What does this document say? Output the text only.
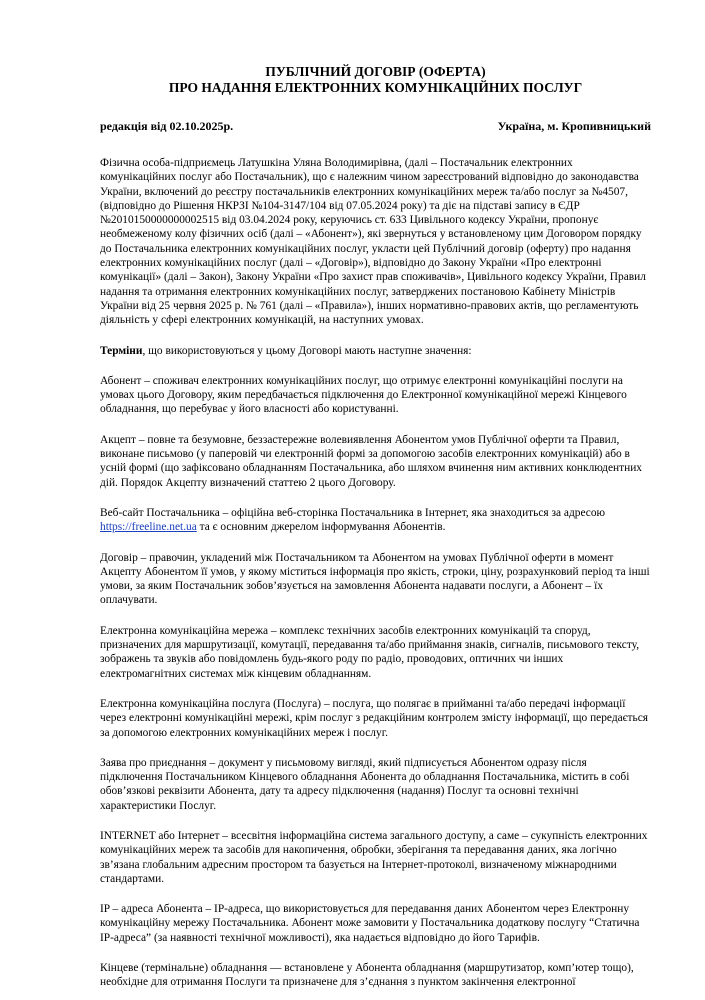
ПУБЛІЧНИЙ ДОГОВІР (ОФЕРТА)

ПРО НАДАННЯ ЕЛЕКТРОННИХ КОМУНІКАЦІЙНИХ ПОСЛУГ

редакція від 02.10.2025р.	Україна, м. Кропивницький

Фізична особа-підприємець Латушкіна Уляна Володимирівна, (далі – Постачальник електронних комунікаційних послуг або Постачальник), що є належним чином зареєстрований відповідно до законодавства України, включений до реєстру постачальників електронних комунікаційних мереж та/або послуг за №4507, (відповідно до Рішення НКРЗІ №104-3147/104 від 07.05.2024 року) та діє на підставі запису в ЄДР №2010150000000002515 від 03.04.2024 року, керуючись ст. 633 Цивільного кодексу України, пропонує необмеженому колу фізичних осіб (далі – «Абонент»), які звернуться у встановленому цим Договором порядку до Постачальника електронних комунікаційних послуг, укласти цей Публічний договір (оферту) про надання електронних комунікаційних послуг (далі – «Договір»), відповідно до Закону України «Про електронні комунікації» (далі – Закон), Закону України «Про захист прав споживачів», Цивільного кодексу України, Правил надання та отримання електронних комунікаційних послуг, затверджених постановою Кабінету Міністрів України від 25 червня 2025 р. № 761 (далі – «Правила»), інших нормативно-правових актів, що регламентують діяльність у сфері електронних комунікацій, на наступних умовах.

Терміни, що використовуються у цьому Договорі мають наступне значення:

Абонент – споживач електронних комунікаційних послуг, що отримує електронні комунікаційні послуги на умовах цього Договору, яким передбачається підключення до Електронної комунікаційної мережі Кінцевого обладнання, що перебуває у його власності або користуванні.

Акцепт – повне та безумовне, беззастережне волевиявлення Абонентом умов Публічної оферти та Правил, виконане письмово (у паперовій чи електронній формі за допомогою засобів електронних комунікацій) або в усній формі (що зафіксовано обладнанням Постачальника, або шляхом вчинення ним активних конклюдентних дій. Порядок Акцепту визначений статтею 2 цього Договору.

Веб-сайт Постачальника – офіційна веб-сторінка Постачальника в Інтернет, яка знаходиться за адресою
https://freeline.net.ua та є основним джерелом інформування Абонентів.

Договір – правочин, укладений між Постачальником та Абонентом на умовах Публічної оферти в момент Акцепту Абонентом її умов, у якому міститься інформація про якість, строки, ціну, розрахунковий період та інші умови, за яким Постачальник зобов’язується на замовлення Абонента надавати послуги, а Абонент – їх оплачувати.

Електронна комунікаційна мережа – комплекс технічних засобів електронних комунікацій та споруд, призначених для маршрутизації, комутації, передавання та/або приймання знаків, сигналів, письмового тексту, зображень та звуків або повідомлень будь-якого роду по радіо, проводових, оптичних чи інших електромагнітних системах між кінцевим обладнанням.

Електронна комунікаційна послуга (Послуга) – послуга, що полягає в прийманні та/або передачі інформації через електронні комунікаційні мережі, крім послуг з редакційним контролем змісту інформації, що передається за допомогою електронних комунікаційних мереж і послуг.

Заява про приєднання – документ у письмовому вигляді, який підписується Абонентом одразу після підключення Постачальником Кінцевого обладнання Абонента до обладнання Постачальника, містить в собі обов’язкові реквізити Абонента, дату та адресу підключення (надання) Послуг та основні технічні характеристики Послуг.

INTERNET або Інтернет – всесвітня інформаційна система загального доступу, а саме – сукупність електронних комунікаційних мереж та засобів для накопичення, обробки, зберігання та передавання даних, яка логічно зв’язана глобальним адресним простором та базується на Інтернет-протоколі, визначеному міжнародними стандартами.

IP – адреса Абонента – IP-адреса, що використовується для передавання даних Абонентом через Електронну комунікаційну мережу Постачальника. Абонент може замовити у Постачальника додаткову послугу “Статична IP-адреса” (за наявності технічної можливості), яка надається відповідно до його Тарифів.

Кінцеве (термінальне) обладнання — встановлене у Абонента обладнання (маршрутизатор, комп’ютер тощо), необхідне для отримання Послуги та призначене для з’єднання з пунктом закінчення електронної
